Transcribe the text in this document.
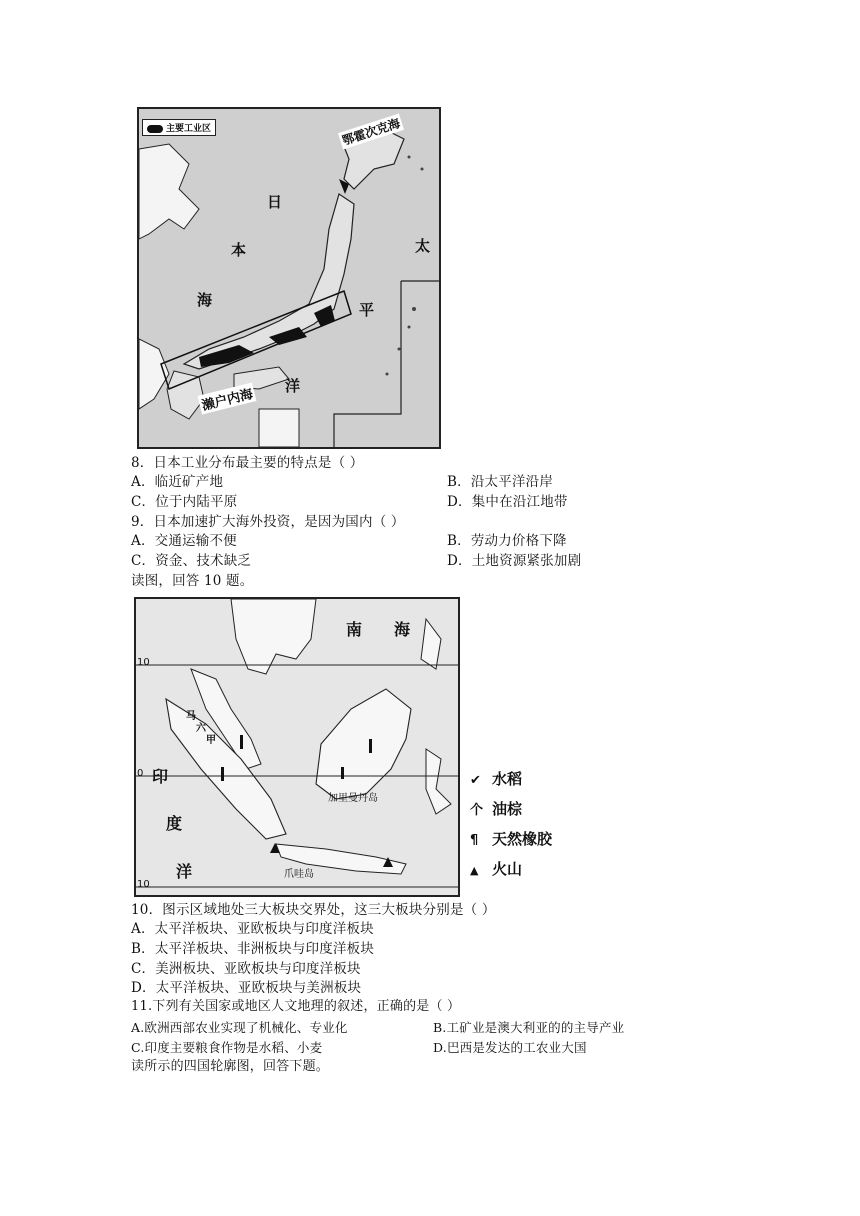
主要工业区	鄂霍次克海
日
本
海
太
平
洋
濑户内海
8．日本工业分布最主要的特点是（ ）
A．临近矿产地	B．沿太平洋沿岸
C．位于内陆平原	D．集中在沿江地带
9．日本加速扩大海外投资，是因为国内（ ）
A．交通运输不便	B．劳动力价格下降
C．资金、技术缺乏	D．土地资源紧张加剧
读图，回答 10 题。
10
0
10
南 海
印
度
洋
马
六
甲
加里曼丹岛
爪哇岛
✔ 水稻
个 油棕
¶ 天然橡胶
▲ 火山
10．图示区域地处三大板块交界处，这三大板块分别是（ ）
A．太平洋板块、亚欧板块与印度洋板块
B．太平洋板块、非洲板块与印度洋板块
C．美洲板块、亚欧板块与印度洋板块
D．太平洋板块、亚欧板块与美洲板块
11.下列有关国家或地区人文地理的叙述，正确的是（ ）
A.欧洲西部农业实现了机械化、专业化	B.工矿业是澳大利亚的的主导产业
C.印度主要粮食作物是水稻、小麦	D.巴西是发达的工农业大国
读所示的四国轮廓图，回答下题。
